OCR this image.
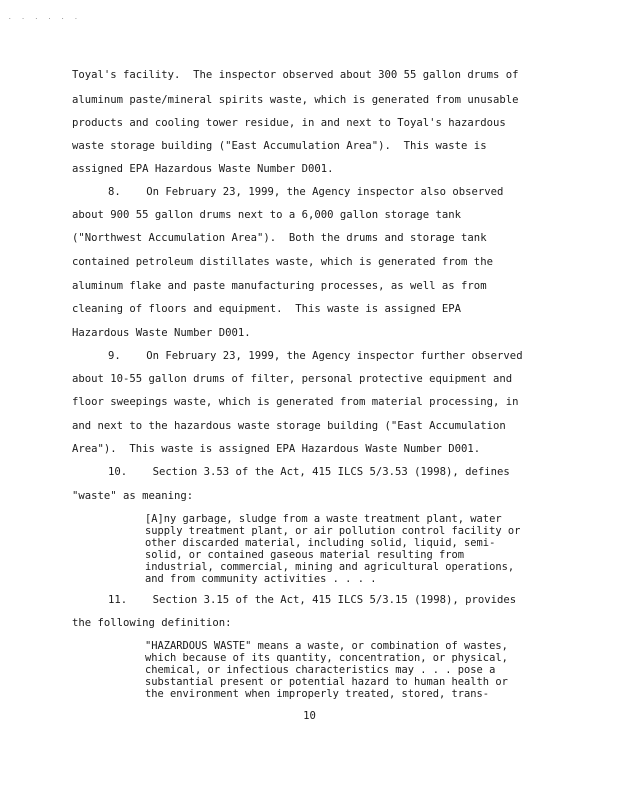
. . . . . .
Toyal's facility.  The inspector observed about 300 55 gallon drums of
aluminum paste/mineral spirits waste, which is generated from unusable
products and cooling tower residue, in and next to Toyal's hazardous
waste storage building ("East Accumulation Area").  This waste is
assigned EPA Hazardous Waste Number D001.
8.    On February 23, 1999, the Agency inspector also observed
about 900 55 gallon drums next to a 6,000 gallon storage tank
("Northwest Accumulation Area").  Both the drums and storage tank
contained petroleum distillates waste, which is generated from the
aluminum flake and paste manufacturing processes, as well as from
cleaning of floors and equipment.  This waste is assigned EPA
Hazardous Waste Number D001.
9.    On February 23, 1999, the Agency inspector further observed
about 10-55 gallon drums of filter, personal protective equipment and
floor sweepings waste, which is generated from material processing, in
and next to the hazardous waste storage building ("East Accumulation
Area").  This waste is assigned EPA Hazardous Waste Number D001.
10.    Section 3.53 of the Act, 415 ILCS 5/3.53 (1998), defines
"waste" as meaning:
[A]ny garbage, sludge from a waste treatment plant, water
supply treatment plant, or air pollution control facility or
other discarded material, including solid, liquid, semi-
solid, or contained gaseous material resulting from
industrial, commercial, mining and agricultural operations,
and from community activities . . . .
11.    Section 3.15 of the Act, 415 ILCS 5/3.15 (1998), provides
the following definition:
"HAZARDOUS WASTE" means a waste, or combination of wastes,
which because of its quantity, concentration, or physical,
chemical, or infectious characteristics may . . . pose a
substantial present or potential hazard to human health or
the environment when improperly treated, stored, trans-
10
